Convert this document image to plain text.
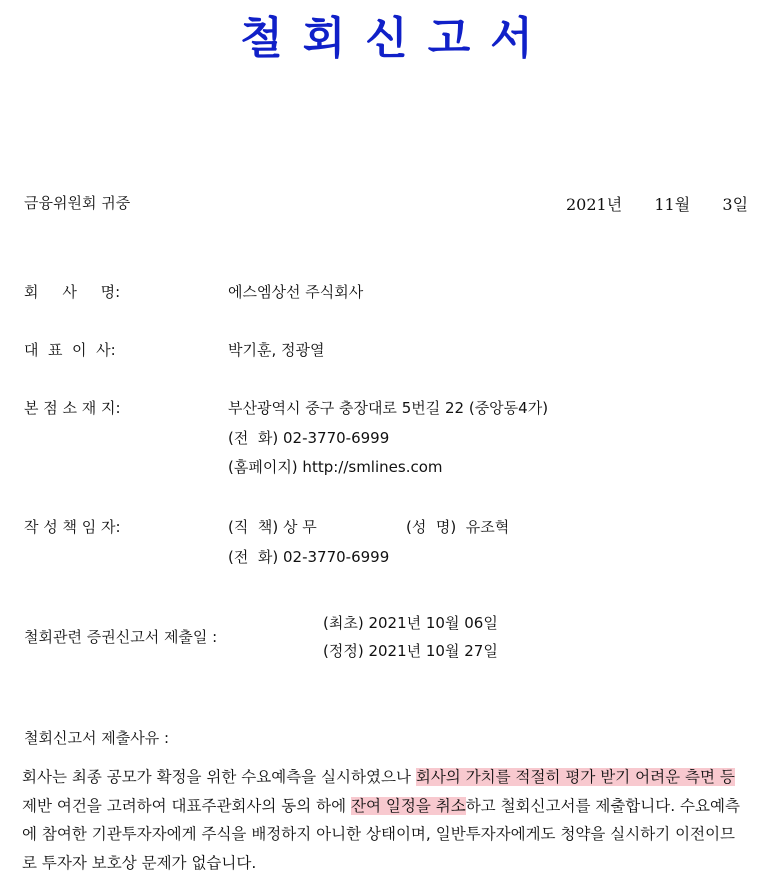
철회신고서
금융위원회 귀중	2021년 11월 3일
회     사     명:	에스엠상선 주식회사
대  표  이  사:	박기훈, 정광열
본 점 소 재 지:	부산광역시 중구 충장대로 5번길 22 (중앙동4가)
(전  화) 02-3770-6999
(홈페이지) http://smlines.com
작 성 책 임 자:	(직  책) 상 무	(성  명)  유조혁
(전  화) 02-3770-6999
철회관련 증권신고서 제출일 :
(최초) 2021년 10월 06일
(정정) 2021년 10월 27일
철회신고서 제출사유 :
회사는 최종 공모가 확정을 위한 수요예측을 실시하였으나 회사의 가치를 적절히 평가 받기 어려운 측면 등 제반 여건을 고려하여 대표주관회사의 동의 하에 잔여 일정을 취소하고 철회신고서를 제출합니다. 수요예측에 참여한 기관투자자에게 주식을 배정하지 아니한 상태이며, 일반투자자에게도 청약을 실시하기 이전이므로 투자자 보호상 문제가 없습니다.
